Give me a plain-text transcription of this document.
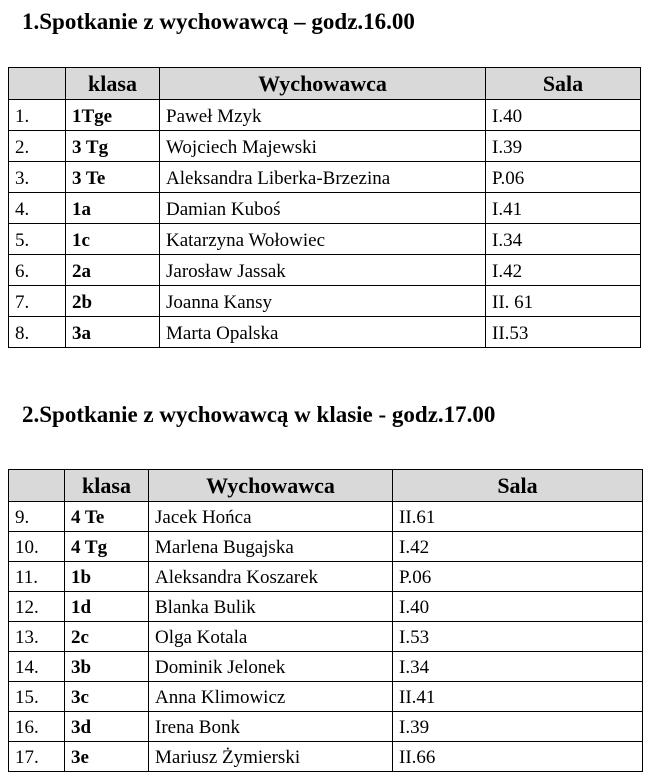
1.Spotkanie z wychowawcą – godz.16.00
	klasa	Wychowawca	Sala
1.	1Tge	Paweł Mzyk	I.40
2.	3 Tg	Wojciech Majewski	I.39
3.	3 Te	Aleksandra Liberka-Brzezina	P.06
4.	1a	Damian Kuboś	I.41
5.	1c	Katarzyna Wołowiec	I.34
6.	2a	Jarosław Jassak	I.42
7.	2b	Joanna Kansy	II. 61
8.	3a	Marta Opalska	II.53
2.Spotkanie z wychowawcą w klasie - godz.17.00
	klasa	Wychowawca	Sala
9.	4 Te	Jacek Hońca	II.61
10.	4 Tg	Marlena Bugajska	I.42
11.	1b	Aleksandra Koszarek	P.06
12.	1d	Blanka Bulik	I.40
13.	2c	Olga Kotala	I.53
14.	3b	Dominik Jelonek	I.34
15.	3c	Anna Klimowicz	II.41
16.	3d	Irena Bonk	I.39
17.	3e	Mariusz Żymierski	II.66
